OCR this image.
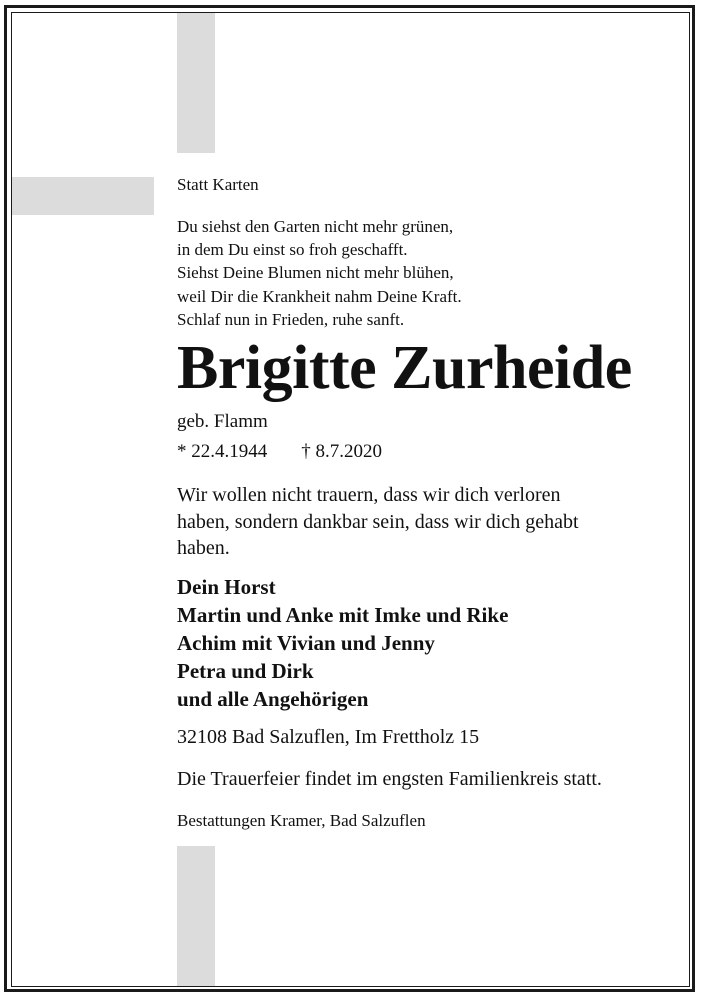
Statt Karten
Du siehst den Garten nicht mehr grünen,
in dem Du einst so froh geschafft.
Siehst Deine Blumen nicht mehr blühen,
weil Dir die Krankheit nahm Deine Kraft.
Schlaf nun in Frieden, ruhe sanft.
Brigitte Zurheide
geb. Flamm
* 22.4.1944 † 8.7.2020
Wir wollen nicht trauern, dass wir dich verloren
haben, sondern dankbar sein, dass wir dich gehabt
haben.
Dein Horst
Martin und Anke mit Imke und Rike
Achim mit Vivian und Jenny
Petra und Dirk
und alle Angehörigen
32108 Bad Salzuflen, Im Frettholz 15
Die Trauerfeier findet im engsten Familienkreis statt.
Bestattungen Kramer, Bad Salzuflen
